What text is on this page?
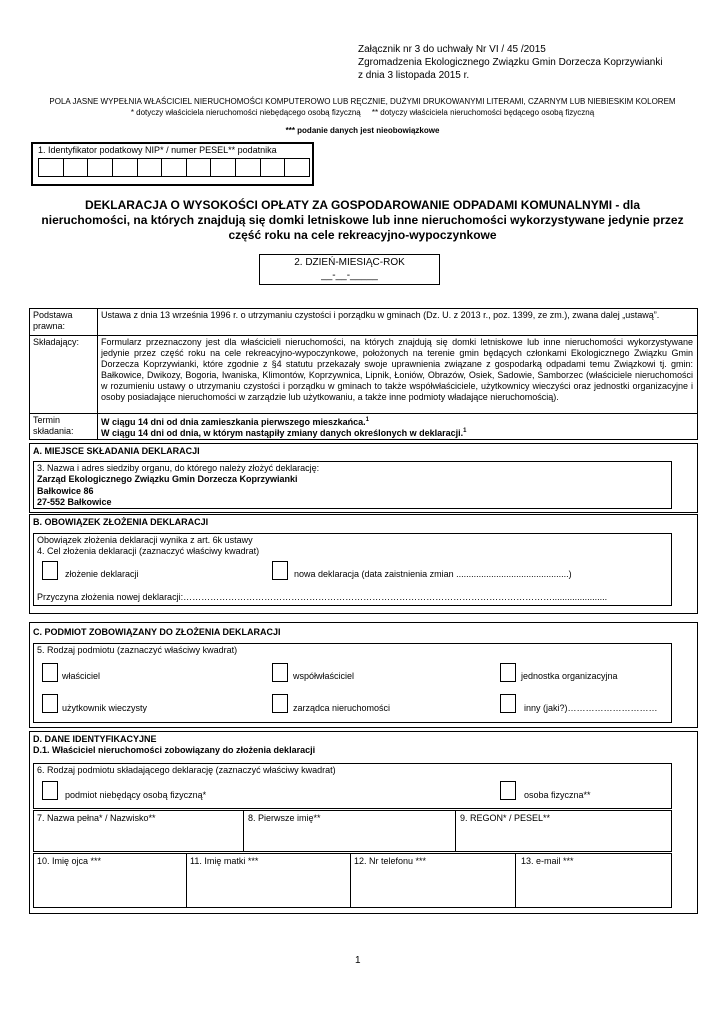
Załącznik nr 3 do uchwały Nr VI / 45 /2015
Zgromadzenia Ekologicznego Związku Gmin Dorzecza Koprzywianki
z dnia 3 listopada 2015 r.
POLA JASNE WYPEŁNIA WŁAŚCICIEL NIERUCHOMOŚCI KOMPUTEROWO LUB RĘCZNIE, DUŻYMI DRUKOWANYMI LITERAMI, CZARNYM LUB NIEBIESKIM KOLOREM
* dotyczy właściciela nieruchomości niebędącego osobą fizyczną     ** dotyczy właściciela nieruchomości będącego osobą fizyczną
*** podanie danych jest nieobowiązkowe
1. Identyfikator podatkowy NIP* / numer PESEL** podatnika
DEKLARACJA O WYSOKOŚCI OPŁATY ZA GOSPODAROWANIE ODPADAMI KOMUNALNYMI - dla
nieruchomości, na których znajdują się domki letniskowe lub inne nieruchomości wykorzystywane jedynie przez
część roku na cele rekreacyjno-wypoczynkowe
2. DZIEŃ-MIESIĄC-ROK
__-__-_____
Podstawa prawna:
Ustawa z dnia 13 września 1996 r. o utrzymaniu czystości i porządku w gminach (Dz. U. z 2013 r., poz. 1399, ze zm.), zwana dalej „ustawą”.
Składający:	Formularz przeznaczony jest dla właścicieli nieruchomości, na których znajdują się domki letniskowe lub inne nieruchomości wykorzystywane jedynie przez część roku na cele rekreacyjno-wypoczynkowe, położonych na terenie gmin będących członkami Ekologicznego Związku Gmin Dorzecza Koprzywianki, które zgodnie z §4 statutu przekazały swoje uprawnienia związane z gospodarką odpadami temu Związkowi tj. gmin: Bałkowice, Dwikozy, Bogoria, Iwaniska, Klimontów, Koprzywnica, Lipnik, Łoniów, Obrazów, Osiek, Sadowie, Samborzec (właściciele nieruchomości w rozumieniu ustawy o utrzymaniu czystości i porządku w gminach to także współwłaściciele, użytkownicy wieczyści oraz jednostki organizacyjne i osoby posiadające nieruchomości w zarządzie lub użytkowaniu, a także inne podmioty władające nieruchomością).
Termin składania:
W ciągu 14 dni od dnia zamieszkania pierwszego mieszkańca.$^1$
W ciągu 14 dni od dnia, w którym nastąpiły zmiany danych określonych w deklaracji.$^1$
A. MIEJSCE SKŁADANIA DEKLARACJI
3. Nazwa i adres siedziby organu, do którego należy złożyć deklarację:
Zarząd Ekologicznego Związku Gmin Dorzecza Koprzywianki
Bałkowice 86
27-552 Bałkowice
B. OBOWIĄZEK ZŁOŻENIA DEKLARACJI
Obowiązek złożenia deklaracji wynika z art. 6k ustawy
4. Cel złożenia deklaracji (zaznaczyć właściwy kwadrat)
złożenie deklaracji	nowa deklaracja (data zaistnienia zmian .............................................)
Przyczyna złożenia nowej deklaracji:……………………………………………………………………………………………………………......................
C. PODMIOT ZOBOWIĄZANY DO ZŁOŻENIA DEKLARACJI
5. Rodzaj podmiotu (zaznaczyć właściwy kwadrat)
właściciel	współwłaściciel	jednostka organizacyjna
użytkownik wieczysty	zarządca nieruchomości	inny (jaki?)…………………………
D. DANE IDENTYFIKACYJNE
D.1. Właściciel nieruchomości zobowiązany do złożenia deklaracji
6. Rodzaj podmiotu składającego deklarację (zaznaczyć właściwy kwadrat)
podmiot niebędący osobą fizyczną*	osoba fizyczna**
7. Nazwa pełna* / Nazwisko**	8. Pierwsze imię**	9. REGON* / PESEL**
10. Imię ojca ***	11. Imię matki ***	12. Nr telefonu ***	13. e-mail ***
1
